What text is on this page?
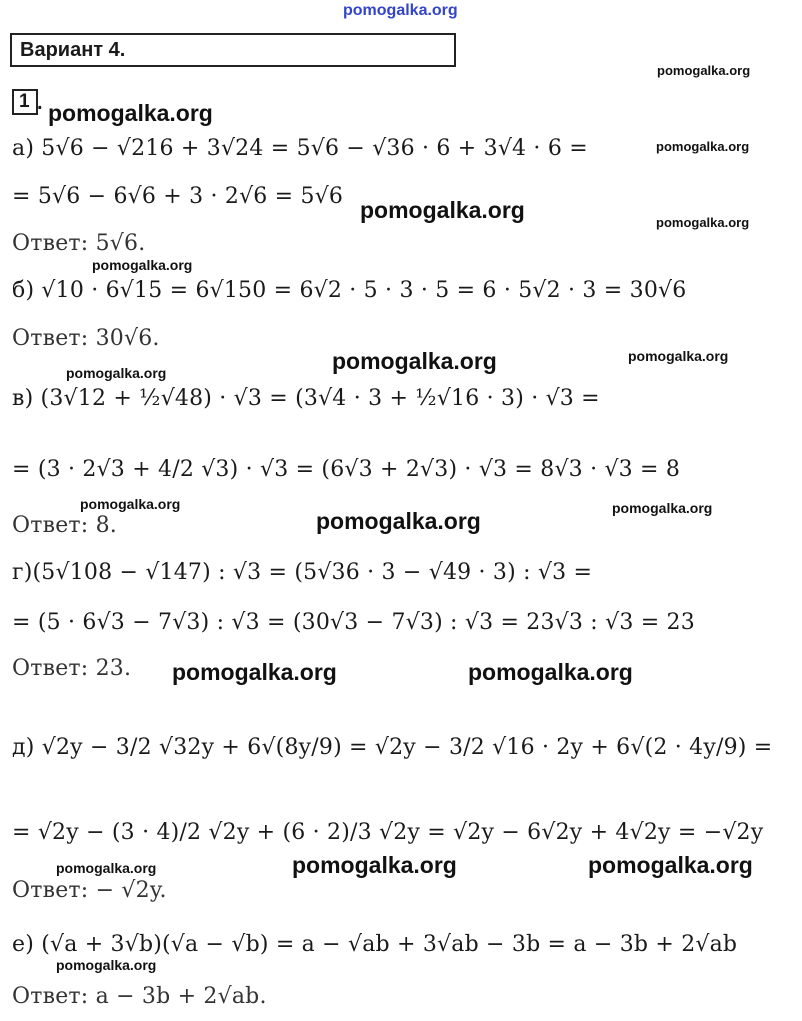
pomogalka.org
Вариант 4.
pomogalka.org
1 . pomogalka.org
а) 5√6 − √216 + 3√24 = 5√6 − √36 · 6 + 3√4 · 6 =	pomogalka.org
= 5√6 − 6√6 + 3 · 2√6 = 5√6
pomogalka.org	pomogalka.org
Ответ: 5√6.
pomogalka.org
б) √10 · 6√15 = 6√150 = 6√2 · 5 · 3 · 5 = 6 · 5√2 · 3 = 30√6
Ответ: 30√6.
pomogalka.org	pomogalka.org
pomogalka.org
в) (3√12 + ½√48) · √3 = (3√4 · 3 + ½√16 · 3) · √3 =
= (3 · 2√3 + 4/2 √3) · √3 = (6√3 + 2√3) · √3 = 8√3 · √3 = 8
pomogalka.org	pomogalka.org
Ответ: 8.	pomogalka.org
г)(5√108 − √147) : √3 = (5√36 · 3 − √49 · 3) : √3 =
= (5 · 6√3 − 7√3) : √3 = (30√3 − 7√3) : √3 = 23√3 : √3 = 23
Ответ: 23. pomogalka.org	pomogalka.org
д) √2y − 3/2 √32y + 6√(8y/9) = √2y − 3/2 √16 · 2y + 6√(2 · 4y/9) =
= √2y − (3 · 4)/2 √2y + (6 · 2)/3 √2y = √2y − 6√2y + 4√2y = −√2y
pomogalka.org	pomogalka.org	pomogalka.org
Ответ: − √2y.
е) (√a + 3√b)(√a − √b) = a − √ab + 3√ab − 3b = a − 3b + 2√ab
pomogalka.org
Ответ: a − 3b + 2√ab.
